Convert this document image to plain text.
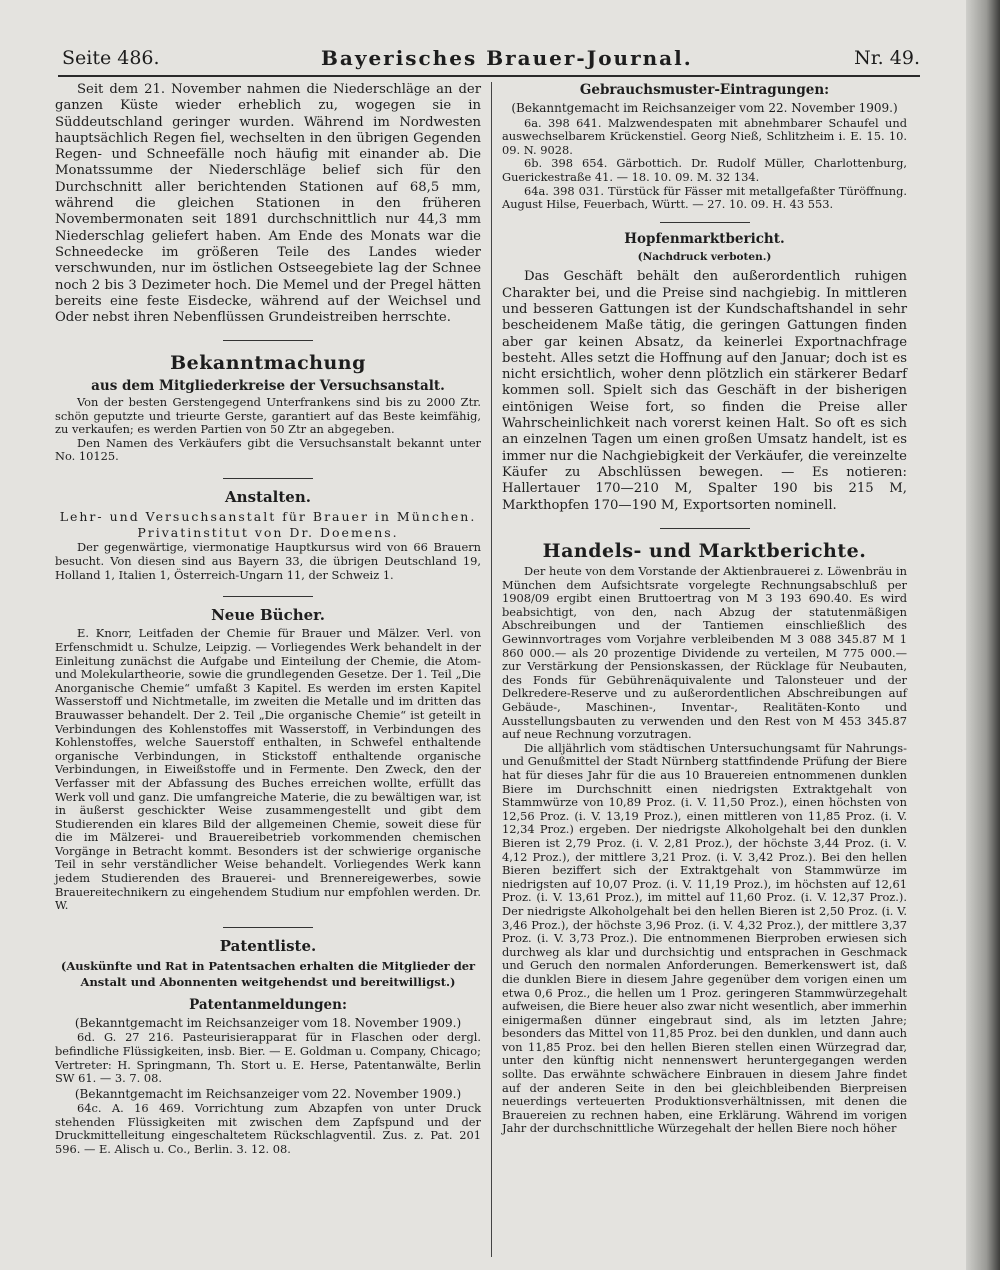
Seite 486.	Bayerisches Brauer-Journal.	Nr. 49.

Seit dem 21. November nahmen die Niederschläge an der ganzen Küste wieder erheblich zu, wogegen sie in Süddeutschland geringer wurden. Während im Nordwesten hauptsächlich Regen fiel, wechselten in den übrigen Gegenden Regen- und Schneefälle noch häufig mit einander ab. Die Monatssumme der Niederschläge belief sich für den Durchschnitt aller berichtenden Stationen auf 68,5 mm, während die gleichen Stationen in den früheren Novembermonaten seit 1891 durchschnittlich nur 44,3 mm Niederschlag geliefert haben. Am Ende des Monats war die Schneedecke im größeren Teile des Landes wieder verschwunden, nur im östlichen Ostseegebiete lag der Schnee noch 2 bis 3 Dezimeter hoch. Die Memel und der Pregel hätten bereits eine feste Eisdecke, während auf der Weichsel und Oder nebst ihren Nebenflüssen Grundeistreiben herrschte.

Bekanntmachung
aus dem Mitgliederkreise der Versuchsanstalt.

Von der besten Gerstengegend Unterfrankens sind bis zu 2000 Ztr. schön geputzte und trieurte Gerste, garantiert auf das Beste keimfähig, zu verkaufen; es werden Partien von 50 Ztr an abgegeben.

Den Namen des Verkäufers gibt die Versuchsanstalt bekannt unter No. 10125.

Anstalten.
Lehr- und Versuchsanstalt für Brauer in München. Privatinstitut von Dr. Doemens.

Der gegenwärtige, viermonatige Hauptkursus wird von 66 Brauern besucht. Von diesen sind aus Bayern 33, die übrigen Deutschland 19, Holland 1, Italien 1, Österreich-Ungarn 11, der Schweiz 1.

Neue Bücher.

E. Knorr, Leitfaden der Chemie für Brauer und Mälzer. Verl. von Erfenschmidt u. Schulze, Leipzig. — Vorliegendes Werk behandelt in der Einleitung zunächst die Aufgabe und Einteilung der Chemie, die Atom- und Molekulartheorie, sowie die grundlegenden Gesetze. Der 1. Teil „Die Anorganische Chemie“ umfaßt 3 Kapitel. Es werden im ersten Kapitel Wasserstoff und Nichtmetalle, im zweiten die Metalle und im dritten das Brauwasser behandelt. Der 2. Teil „Die organische Chemie“ ist geteilt in Verbindungen des Kohlenstoffes mit Wasserstoff, in Verbindungen des Kohlenstoffes, welche Sauerstoff enthalten, in Schwefel enthaltende organische Verbindungen, in Stickstoff enthaltende organische Verbindungen, in Eiweißstoffe und in Fermente. Den Zweck, den der Verfasser mit der Abfassung des Buches erreichen wollte, erfüllt das Werk voll und ganz. Die umfangreiche Materie, die zu bewältigen war, ist in äußerst geschickter Weise zusammengestellt und gibt dem Studierenden ein klares Bild der allgemeinen Chemie, soweit diese für die im Mälzerei- und Brauereibetrieb vorkommenden chemischen Vorgänge in Betracht kommt. Besonders ist der schwierige organische Teil in sehr verständlicher Weise behandelt. Vorliegendes Werk kann jedem Studierenden des Brauerei- und Brennereigewerbes, sowie Brauereitechnikern zu eingehendem Studium nur empfohlen werden. Dr. W.

Patentliste.
(Auskünfte und Rat in Patentsachen erhalten die Mitglieder der Anstalt und Abonnenten weitgehendst und bereitwilligst.)
Patentanmeldungen:
(Bekanntgemacht im Reichsanzeiger vom 18. November 1909.)

6d. G. 27 216. Pasteurisierapparat für in Flaschen oder dergl. befindliche Flüssigkeiten, insb. Bier. — E. Goldman u. Company, Chicago; Vertreter: H. Springmann, Th. Stort u. E. Herse, Patentanwälte, Berlin SW 61. — 3. 7. 08.

(Bekanntgemacht im Reichsanzeiger vom 22. November 1909.)

64c. A. 16 469. Vorrichtung zum Abzapfen von unter Druck stehenden Flüssigkeiten mit zwischen dem Zapfspund und der Druckmittelleitung eingeschaltetem Rückschlagventil. Zus. z. Pat. 201 596. — E. Alisch u. Co., Berlin. 3. 12. 08.

Gebrauchsmuster-Eintragungen:
(Bekanntgemacht im Reichsanzeiger vom 22. November 1909.)

6a. 398 641. Malzwendespaten mit abnehmbarer Schaufel und auswechselbarem Krückenstiel. Georg Nieß, Schlitzheim i. E. 15. 10. 09. N. 9028.

6b. 398 654. Gärbottich. Dr. Rudolf Müller, Charlottenburg, Guerickestraße 41. — 18. 10. 09. M. 32 134.

64a. 398 031. Türstück für Fässer mit metallgefaßter Türöffnung. August Hilse, Feuerbach, Württ. — 27. 10. 09. H. 43 553.

Hopfenmarktbericht.
(Nachdruck verboten.)

Das Geschäft behält den außerordentlich ruhigen Charakter bei, und die Preise sind nachgiebig. In mittleren und besseren Gattungen ist der Kundschaftshandel in sehr bescheidenem Maße tätig, die geringen Gattungen finden aber gar keinen Absatz, da keinerlei Exportnachfrage besteht. Alles setzt die Hoffnung auf den Januar; doch ist es nicht ersichtlich, woher denn plötzlich ein stärkerer Bedarf kommen soll. Spielt sich das Geschäft in der bisherigen eintönigen Weise fort, so finden die Preise aller Wahrscheinlichkeit nach vorerst keinen Halt. So oft es sich an einzelnen Tagen um einen großen Umsatz handelt, ist es immer nur die Nachgiebigkeit der Verkäufer, die vereinzelte Käufer zu Abschlüssen bewegen. — Es notieren: Hallertauer 170—210 M, Spalter 190 bis 215 M, Markthopfen 170—190 M, Exportsorten nominell.

Handels- und Marktberichte.

Der heute von dem Vorstande der Aktienbrauerei z. Löwenbräu in München dem Aufsichtsrate vorgelegte Rechnungsabschluß per 1908/09 ergibt einen Bruttoertrag von M 3 193 690.40. Es wird beabsichtigt, von den, nach Abzug der statutenmäßigen Abschreibungen und der Tantiemen einschließlich des Gewinnvortrages vom Vorjahre verbleibenden M 3 088 345.87 M 1 860 000.— als 20 prozentige Dividende zu verteilen, M 775 000.— zur Verstärkung der Pensionskassen, der Rücklage für Neubauten, des Fonds für Gebührenäquivalente und Talonsteuer und der Delkredere-Reserve und zu außerordentlichen Abschreibungen auf Gebäude-, Maschinen-, Inventar-, Realitäten-Konto und Ausstellungsbauten zu verwenden und den Rest von M 453 345.87 auf neue Rechnung vorzutragen.

Die alljährlich vom städtischen Untersuchungsamt für Nahrungs- und Genußmittel der Stadt Nürnberg stattfindende Prüfung der Biere hat für dieses Jahr für die aus 10 Brauereien entnommenen dunklen Biere im Durchschnitt einen niedrigsten Extraktgehalt von Stammwürze von 10,89 Proz. (i. V. 11,50 Proz.), einen höchsten von 12,56 Proz. (i. V. 13,19 Proz.), einen mittleren von 11,85 Proz. (i. V. 12,34 Proz.) ergeben. Der niedrigste Alkoholgehalt bei den dunklen Bieren ist 2,79 Proz. (i. V. 2,81 Proz.), der höchste 3,44 Proz. (i. V. 4,12 Proz.), der mittlere 3,21 Proz. (i. V. 3,42 Proz.). Bei den hellen Bieren beziffert sich der Extraktgehalt von Stammwürze im niedrigsten auf 10,07 Proz. (i. V. 11,19 Proz.), im höchsten auf 12,61 Proz. (i. V. 13,61 Proz.), im mittel auf 11,60 Proz. (i. V. 12,37 Proz.). Der niedrigste Alkoholgehalt bei den hellen Bieren ist 2,50 Proz. (i. V. 3,46 Proz.), der höchste 3,96 Proz. (i. V. 4,32 Proz.), der mittlere 3,37 Proz. (i. V. 3,73 Proz.). Die entnommenen Bierproben erwiesen sich durchweg als klar und durchsichtig und entsprachen in Geschmack und Geruch den normalen Anforderungen. Bemerkenswert ist, daß die dunklen Biere in diesem Jahre gegenüber dem vorigen einen um etwa 0,6 Proz., die hellen um 1 Proz. geringeren Stammwürzegehalt aufweisen, die Biere heuer also zwar nicht wesentlich, aber immerhin einigermaßen dünner eingebraut sind, als im letzten Jahre; besonders das Mittel von 11,85 Proz. bei den dunklen, und dann auch von 11,85 Proz. bei den hellen Bieren stellen einen Würzegrad dar, unter den künftig nicht nennenswert heruntergegangen werden sollte. Das erwähnte schwächere Einbrauen in diesem Jahre findet auf der anderen Seite in den bei gleichbleibenden Bierpreisen neuerdings verteuerten Produktionsverhältnissen, mit denen die Brauereien zu rechnen haben, eine Erklärung. Während im vorigen Jahr der durchschnittliche Würzegehalt der hellen Biere noch höher
